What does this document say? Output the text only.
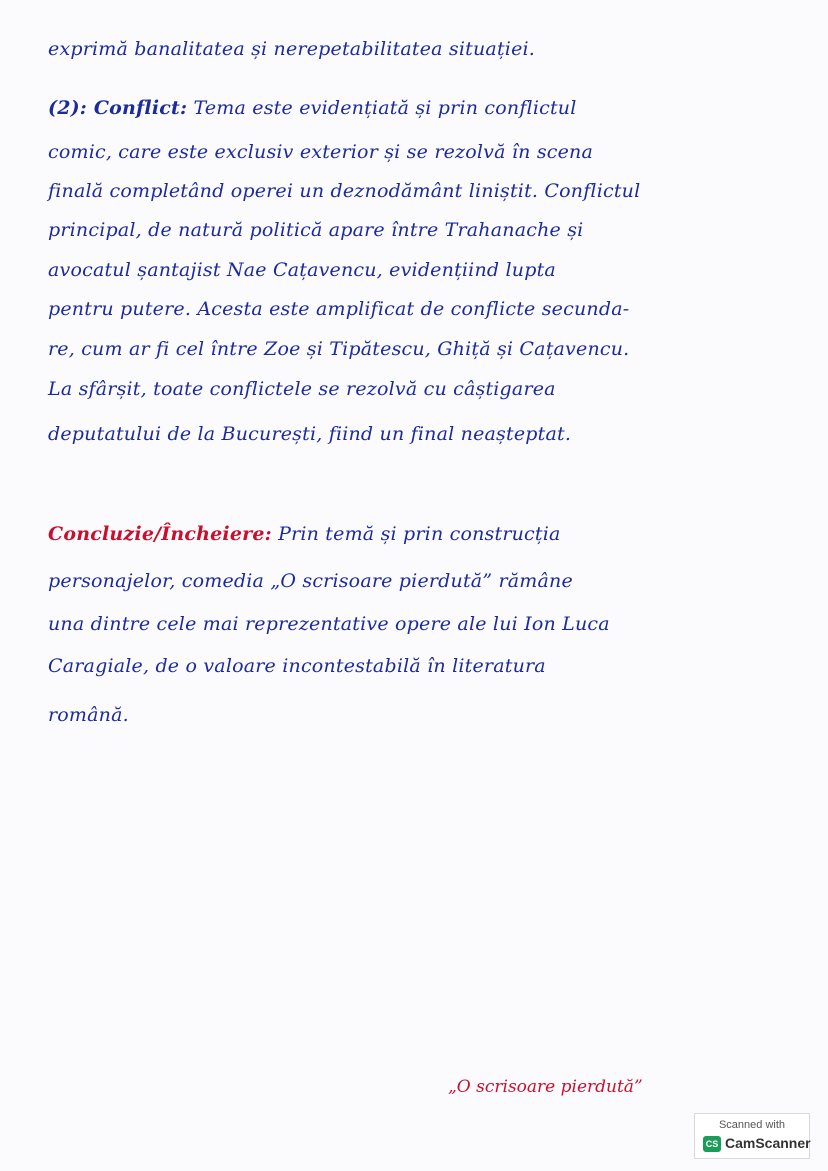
exprimă banalitatea și nerepetabilitatea situației.
(2): Conflict: Tema este evidențiată și prin conflictul
comic, care este exclusiv exterior și se rezolvă în scena
finală completând operei un deznodământ liniștit. Conflictul
principal, de natură politică apare între Trahanache și
avocatul șantajist Nae Cațavencu, evidențiind lupta
pentru putere. Acesta este amplificat de conflicte secunda-
re, cum ar fi cel între Zoe și Tipătescu, Ghiță și Cațavencu.
La sfârșit, toate conflictele se rezolvă cu câștigarea
deputatului de la București, fiind un final neașteptat.
Concluzie/Încheiere: Prin temă și prin construcția
personajelor, comedia „O scrisoare pierdută” rămâne
una dintre cele mai reprezentative opere ale lui Ion Luca
Caragiale, de o valoare incontestabilă în literatura
română.
„O scrisoare pierdută”
Scanned with
CS CamScanner
